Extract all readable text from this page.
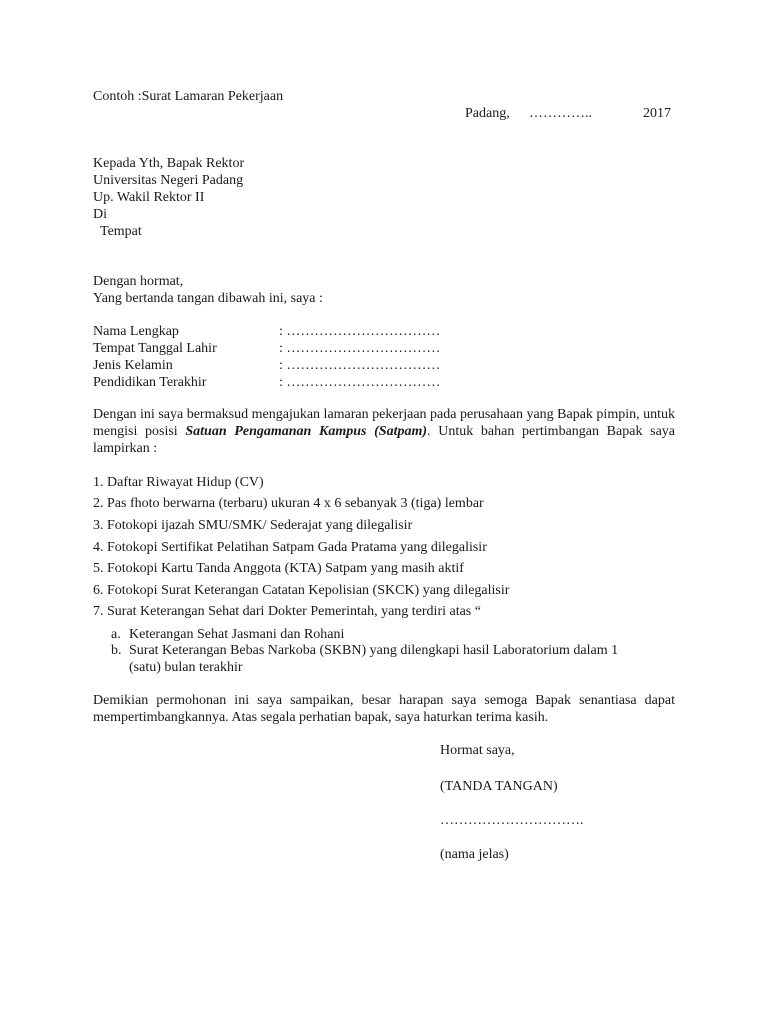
Contoh :Surat Lamaran Pekerjaan
Padang, …………..	2017
Kepada Yth, Bapak Rektor
Universitas Negeri Padang
Up. Wakil Rektor II
Di
Tempat
Dengan hormat,
Yang bertanda tangan dibawah ini, saya :
Nama Lengkap	: ……………………………
Tempat Tanggal Lahir	: ……………………………
Jenis Kelamin	: ……………………………
Pendidikan Terakhir	: ……………………………

Dengan ini saya bermaksud mengajukan lamaran pekerjaan pada perusahaan yang Bapak pimpin, untuk mengisi posisi Satuan Pengamanan Kampus (Satpam). Untuk bahan pertimbangan Bapak saya lampirkan :

1. Daftar Riwayat Hidup (CV)
2. Pas fhoto berwarna (terbaru) ukuran 4 x 6 sebanyak 3 (tiga) lembar
3. Fotokopi ijazah SMU/SMK/ Sederajat yang dilegalisir
4. Fotokopi Sertifikat Pelatihan Satpam Gada Pratama yang dilegalisir
5. Fotokopi Kartu Tanda Anggota (KTA) Satpam yang masih aktif
6. Fotokopi Surat Keterangan Catatan Kepolisian (SKCK) yang dilegalisir
7. Surat Keterangan Sehat dari Dokter Pemerintah, yang terdiri atas “
a. Keterangan Sehat Jasmani dan Rohani
b. Surat Keterangan Bebas Narkoba (SKBN) yang dilengkapi hasil Laboratorium dalam 1
(satu) bulan terakhir

Demikian permohonan ini saya sampaikan, besar harapan saya semoga Bapak senantiasa dapat mempertimbangkannya. Atas segala perhatian bapak, saya haturkan terima kasih.

Hormat saya,
(TANDA TANGAN)
………………………….
(nama jelas)
